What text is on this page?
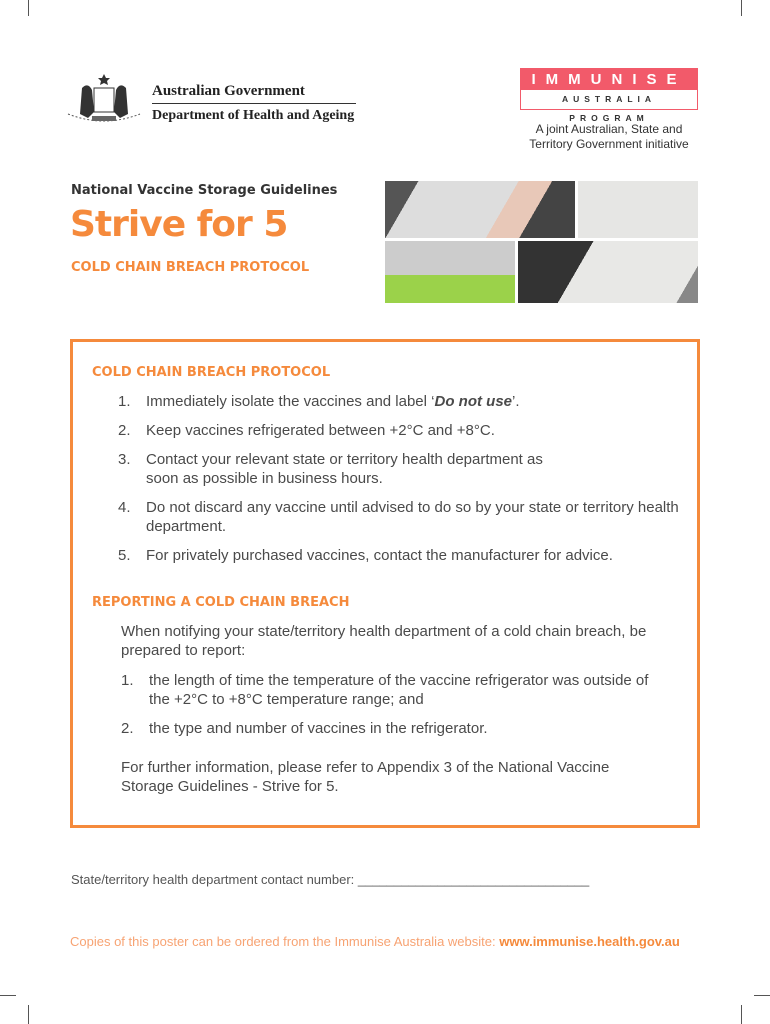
Australian Government
Department of Health and Ageing
IMMUNISE
AUSTRALIA PROGRAM
A joint Australian, State and Territory Government initiative
National Vaccine Storage Guidelines
Strive for 5
COLD CHAIN BREACH PROTOCOL
COLD CHAIN BREACH PROTOCOL
1.	Immediately isolate the vaccines and label ‘Do not use’.
2.	Keep vaccines refrigerated between +2°C and +8°C.
3.	Contact your relevant state or territory health department as soon as possible in business hours.
4.	Do not discard any vaccine until advised to do so by your state or territory health department.
5.	For privately purchased vaccines, contact the manufacturer for advice.
REPORTING A COLD CHAIN BREACH

When notifying your state/territory health department of a cold chain breach, be prepared to report:

1.	the length of time the temperature of the vaccine refrigerator was outside of the +2°C to +8°C temperature range; and
2.	the type and number of vaccines in the refrigerator.

For further information, please refer to Appendix 3 of the National Vaccine Storage Guidelines - Strive for 5.

State/territory health department contact number: ________________________________
Copies of this poster can be ordered from the Immunise Australia website: www.immunise.health.gov.au
